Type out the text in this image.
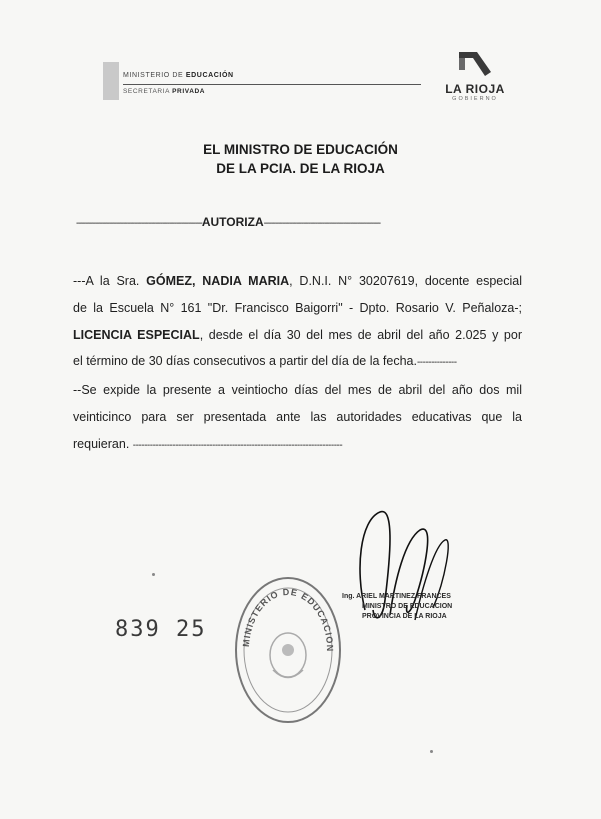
MINISTERIO DE EDUCACIÓN
SECRETARIA PRIVADA	LA RIOJA
GOBIERNO
EL MINISTRO DE EDUCACIÓN
DE LA PCIA. DE LA RIOJA
------------------------------------------------------AUTORIZA--------------------------------------------------
---A la Sra. GÓMEZ, NADIA MARIA, D.N.I. N° 30207619, docente especial
de la Escuela N° 161 "Dr. Francisco Baigorri" - Dpto. Rosario V. Peñaloza-;
LICENCIA ESPECIAL, desde el día 30 del mes de abril del año 2.025 y por
el término de 30 días consecutivos a partir del día de la fecha.--------------
--Se expide la presente a veintiocho días del mes de abril del año dos mil
veinticinco para ser presentada ante las autoridades educativas que la
requieran. --------------------------------------------------------------------------
839 25
MINISTERIO DE EDUCACION
Ing. ARIEL MARTINEZ FRANCES
MINISTRO DE EDUCACION
PROVINCIA DE LA RIOJA
